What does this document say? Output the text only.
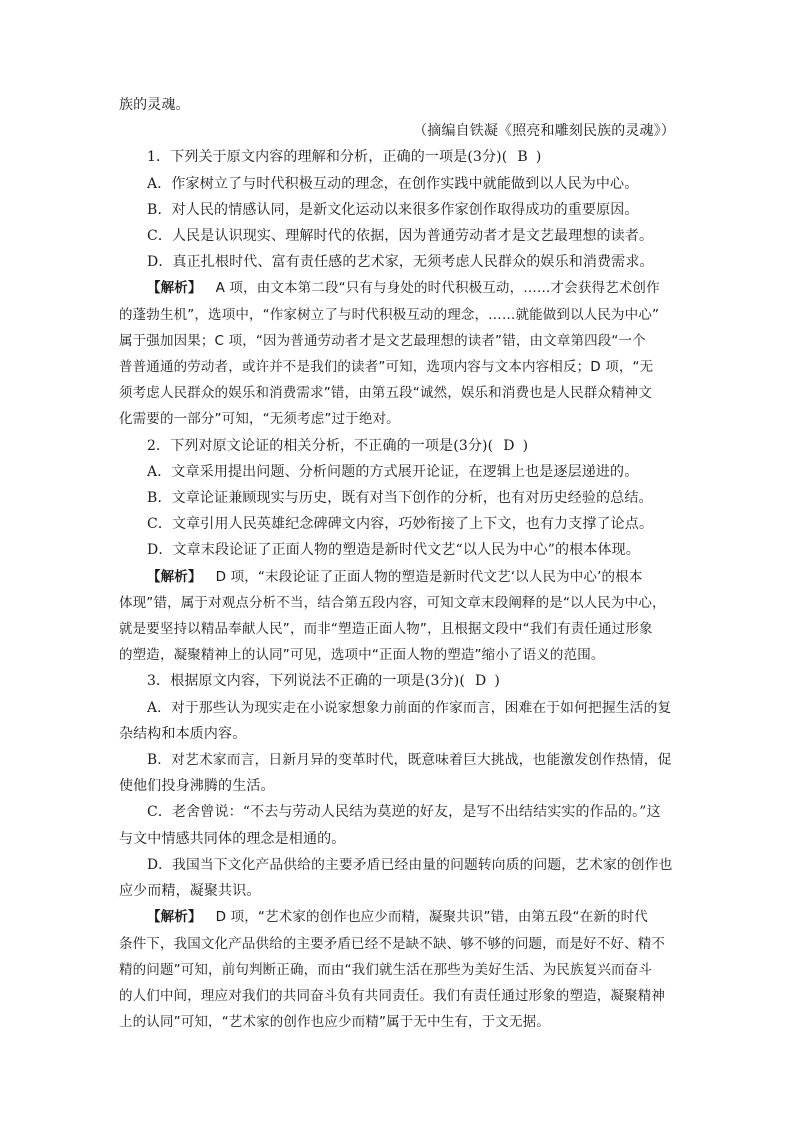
族的灵魂。
（摘编自铁凝《照亮和雕刻民族的灵魂》）
1．下列关于原文内容的理解和分析，正确的一项是(3分)( B )
A．作家树立了与时代积极互动的理念，在创作实践中就能做到以人民为中心。
B．对人民的情感认同，是新文化运动以来很多作家创作取得成功的重要原因。
C．人民是认识现实、理解时代的依据，因为普通劳动者才是文艺最理想的读者。
D．真正扎根时代、富有责任感的艺术家，无须考虑人民群众的娱乐和消费需求。
【解析】 A 项，由文本第二段“只有与身处的时代积极互动，……才会获得艺术创作
的蓬勃生机”，选项中，“作家树立了与时代积极互动的理念，……就能做到以人民为中心”
属于强加因果；C 项，“因为普通劳动者才是文艺最理想的读者”错，由文章第四段“一个
普普通通的劳动者，或许并不是我们的读者”可知，选项内容与文本内容相反；D 项，“无
须考虑人民群众的娱乐和消费需求”错，由第五段“诚然，娱乐和消费也是人民群众精神文
化需要的一部分”可知，“无须考虑”过于绝对。
2．下列对原文论证的相关分析，不正确的一项是(3分)( D )
A．文章采用提出问题、分析问题的方式展开论证，在逻辑上也是逐层递进的。
B．文章论证兼顾现实与历史，既有对当下创作的分析，也有对历史经验的总结。
C．文章引用人民英雄纪念碑碑文内容，巧妙衔接了上下文，也有力支撑了论点。
D．文章末段论证了正面人物的塑造是新时代文艺“以人民为中心”的根本体现。
【解析】 D 项，“末段论证了正面人物的塑造是新时代文艺‘以人民为中心’的根本
体现”错，属于对观点分析不当，结合第五段内容，可知文章末段阐释的是“以人民为中心，
就是要坚持以精品奉献人民”，而非“塑造正面人物”，且根据文段中“我们有责任通过形象
的塑造，凝聚精神上的认同”可见，选项中“正面人物的塑造”缩小了语义的范围。
3．根据原文内容，下列说法不正确的一项是(3分)( D )
A．对于那些认为现实走在小说家想象力前面的作家而言，困难在于如何把握生活的复
杂结构和本质内容。
B．对艺术家而言，日新月异的变革时代，既意味着巨大挑战，也能激发创作热情，促
使他们投身沸腾的生活。
C．老舍曾说：“不去与劳动人民结为莫逆的好友，是写不出结结实实的作品的。”这
与文中情感共同体的理念是相通的。
D．我国当下文化产品供给的主要矛盾已经由量的问题转向质的问题，艺术家的创作也
应少而精，凝聚共识。
【解析】 D 项，“艺术家的创作也应少而精，凝聚共识”错，由第五段“在新的时代
条件下，我国文化产品供给的主要矛盾已经不是缺不缺、够不够的问题，而是好不好、精不
精的问题”可知，前句判断正确，而由“我们就生活在那些为美好生活、为民族复兴而奋斗
的人们中间，理应对我们的共同奋斗负有共同责任。我们有责任通过形象的塑造，凝聚精神
上的认同”可知，“艺术家的创作也应少而精”属于无中生有，于文无据。
